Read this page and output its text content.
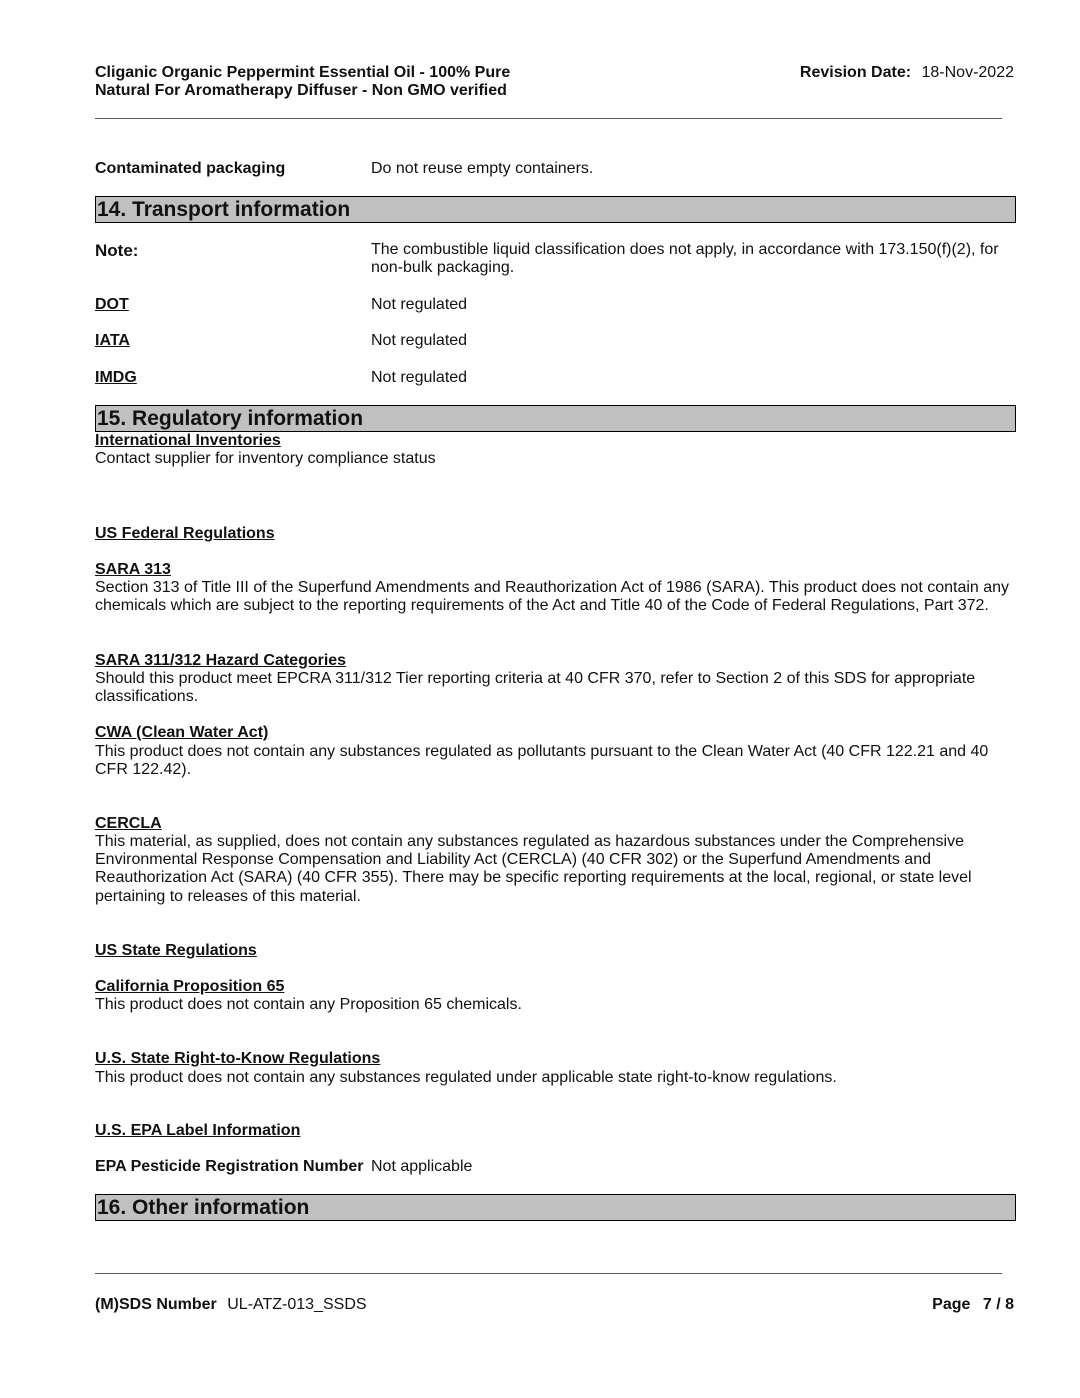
Cliganic Organic Peppermint Essential Oil - 100% Pure
Natural For Aromatherapy Diffuser - Non GMO verified
Revision Date: 18-Nov-2022
Contaminated packaging	Do not reuse empty containers.
14. Transport information
Note:	The combustible liquid classification does not apply, in accordance with 173.150(f)(2), for non-bulk packaging.
DOT	Not regulated
IATA	Not regulated
IMDG	Not regulated
15. Regulatory information
International Inventories
Contact supplier for inventory compliance status
US Federal Regulations
SARA 313
Section 313 of Title III of the Superfund Amendments and Reauthorization Act of 1986 (SARA). This product does not contain any chemicals which are subject to the reporting requirements of the Act and Title 40 of the Code of Federal Regulations, Part 372.
SARA 311/312 Hazard Categories
Should this product meet EPCRA 311/312 Tier reporting criteria at 40 CFR 370, refer to Section 2 of this SDS for appropriate classifications.
CWA (Clean Water Act)
This product does not contain any substances regulated as pollutants pursuant to the Clean Water Act (40 CFR 122.21 and 40 CFR 122.42).
CERCLA
This material, as supplied, does not contain any substances regulated as hazardous substances under the Comprehensive Environmental Response Compensation and Liability Act (CERCLA) (40 CFR 302) or the Superfund Amendments and Reauthorization Act (SARA) (40 CFR 355). There may be specific reporting requirements at the local, regional, or state level pertaining to releases of this material.
US State Regulations
California Proposition 65
This product does not contain any Proposition 65 chemicals.
U.S. State Right-to-Know Regulations
This product does not contain any substances regulated under applicable state right-to-know regulations.
U.S. EPA Label Information
EPA Pesticide Registration Number Not applicable
16. Other information
(M)SDS Number UL-ATZ-013_SSDS	Page 7 / 8
